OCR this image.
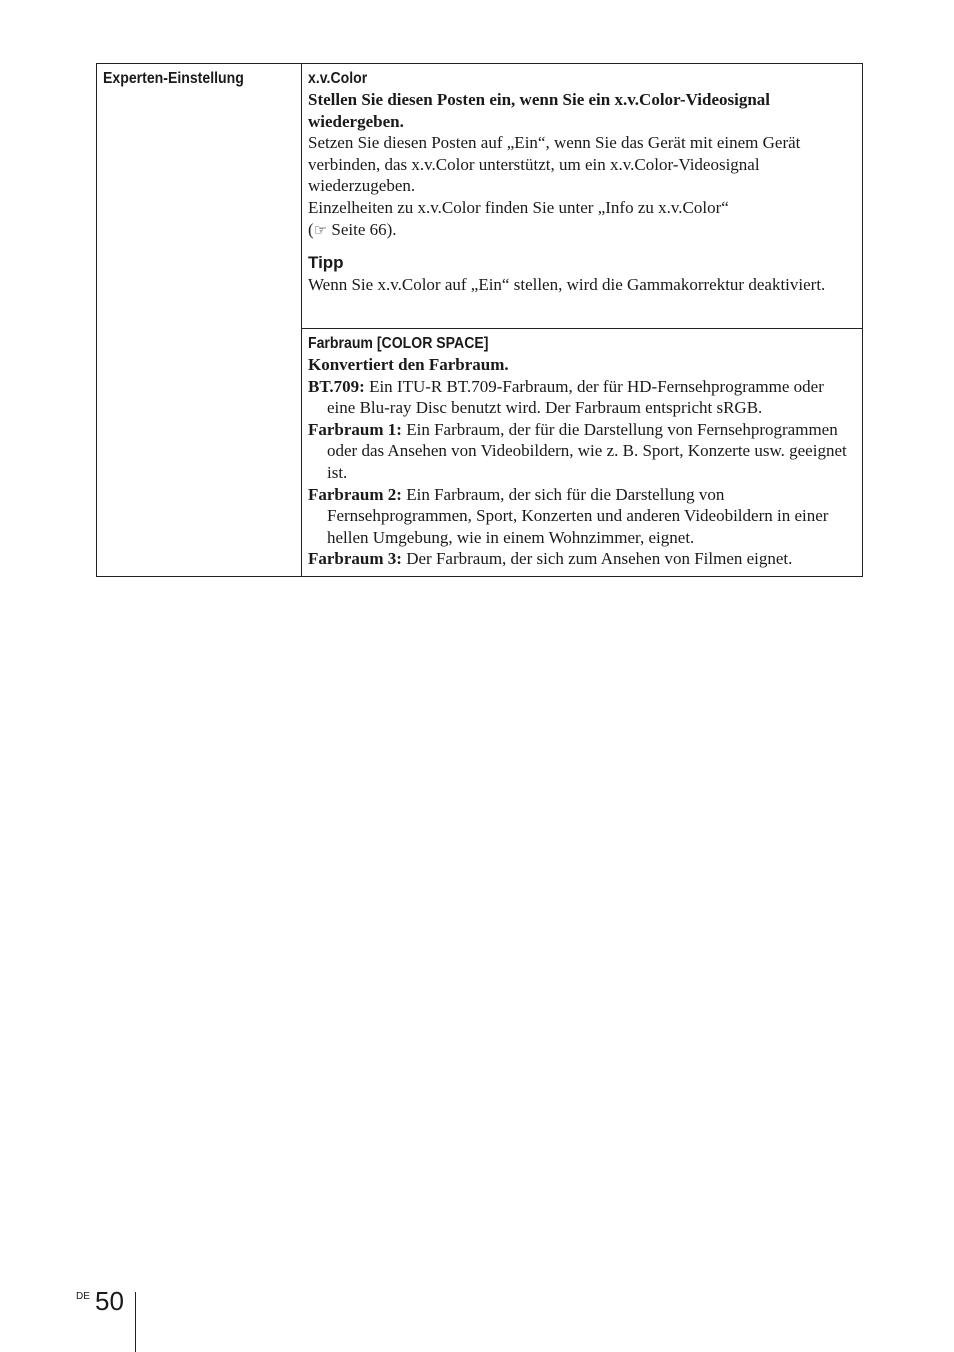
Experten-Einstellung	x.v.Color
Stellen Sie diesen Posten ein, wenn Sie ein x.v.Color-Videosignal wiedergeben.
Setzen Sie diesen Posten auf „Ein“, wenn Sie das Gerät mit einem Gerät verbinden, das x.v.Color unterstützt, um ein x.v.Color-Videosignal wiederzugeben.
Einzelheiten zu x.v.Color finden Sie unter „Info zu x.v.Color“
(☞ Seite 66).
Tipp
Wenn Sie x.v.Color auf „Ein“ stellen, wird die Gammakorrektur deaktiviert.

Farbraum [COLOR SPACE]
Konvertiert den Farbraum.
BT.709: Ein ITU-R BT.709-Farbraum, der für HD-Fernsehprogramme oder eine Blu-ray Disc benutzt wird. Der Farbraum entspricht sRGB.
Farbraum 1: Ein Farbraum, der für die Darstellung von Fernsehprogrammen oder das Ansehen von Videobildern, wie z. B. Sport, Konzerte usw. geeignet ist.
Farbraum 2: Ein Farbraum, der sich für die Darstellung von Fernsehprogrammen, Sport, Konzerten und anderen Videobildern in einer hellen Umgebung, wie in einem Wohnzimmer, eignet.
Farbraum 3: Der Farbraum, der sich zum Ansehen von Filmen eignet.
DE 50
